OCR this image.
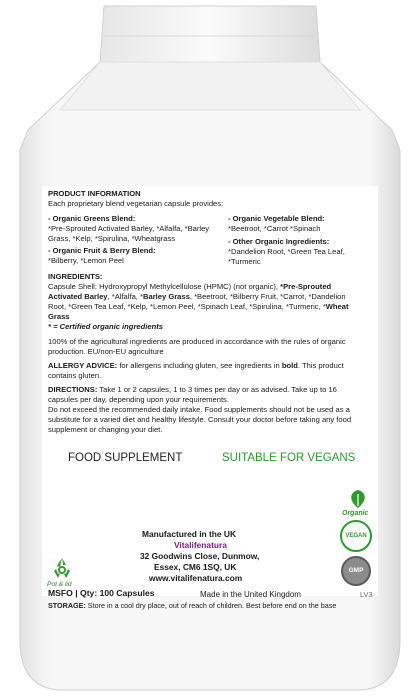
PRODUCT INFORMATION

Each proprietary blend vegetarian capsule provides:

- Organic Greens Blend:

*Pre-Sprouted Activated Barley, *Alfalfa, *Barley

Grass, *Kelp, *Spirulina, *Wheatgrass

- Organic Fruit & Berry Blend:

*Bilberry, *Lemon Peel

- Organic Vegetable Blend:

*Beetroot, *Carrot *Spinach

- Other Organic Ingredients:

*Dandelion Root, *Green Tea Leaf,

*Turmeric

INGREDIENTS:

Capsule Shell: Hydroxypropyl Methylcellulose (HPMC) (not organic), *Pre-Sprouted

Activated Barley, *Alfalfa, *Barley Grass, *Beetroot, *Bilberry Fruit, *Carrot, *Dandelion

Root, *Green Tea Leaf, *Kelp, *Lemon Peel, *Spinach Leaf, *Spirulina, *Turmeric, *Wheat

Grass

* = Certified organic ingredients

100% of the agricultural ingredients are produced in accordance with the rules of organic

production. EU/non-EU agriculture

ALLERGY ADVICE: for allergens including gluten, see ingredients in bold. This product

contains gluten.

DIRECTIONS: Take 1 or 2 capsules, 1 to 3 times per day or as advised. Take up to 16

capsules per day, depending upon your requirements.

Do not exceed the recommended daily intake. Food supplements should not be used as a

substitute for a varied diet and healthy lifestyle. Consult your doctor before taking any food

supplement or changing your diet.

FOOD SUPPLEMENT	SUITABLE FOR VEGANS

Manufactured in the UK

Vitalifenatura

32 Goodwins Close, Dunmow,

Essex, CM6 1SQ, UK

www.vitalifenatura.com

Pot & lid

Organic

VEGAN
GMP

MSFO | Qty: 100 Capsules	Made in the United Kingdom	LV3

STORAGE: Store in a cool dry place, out of reach of children. Best before end on the base
